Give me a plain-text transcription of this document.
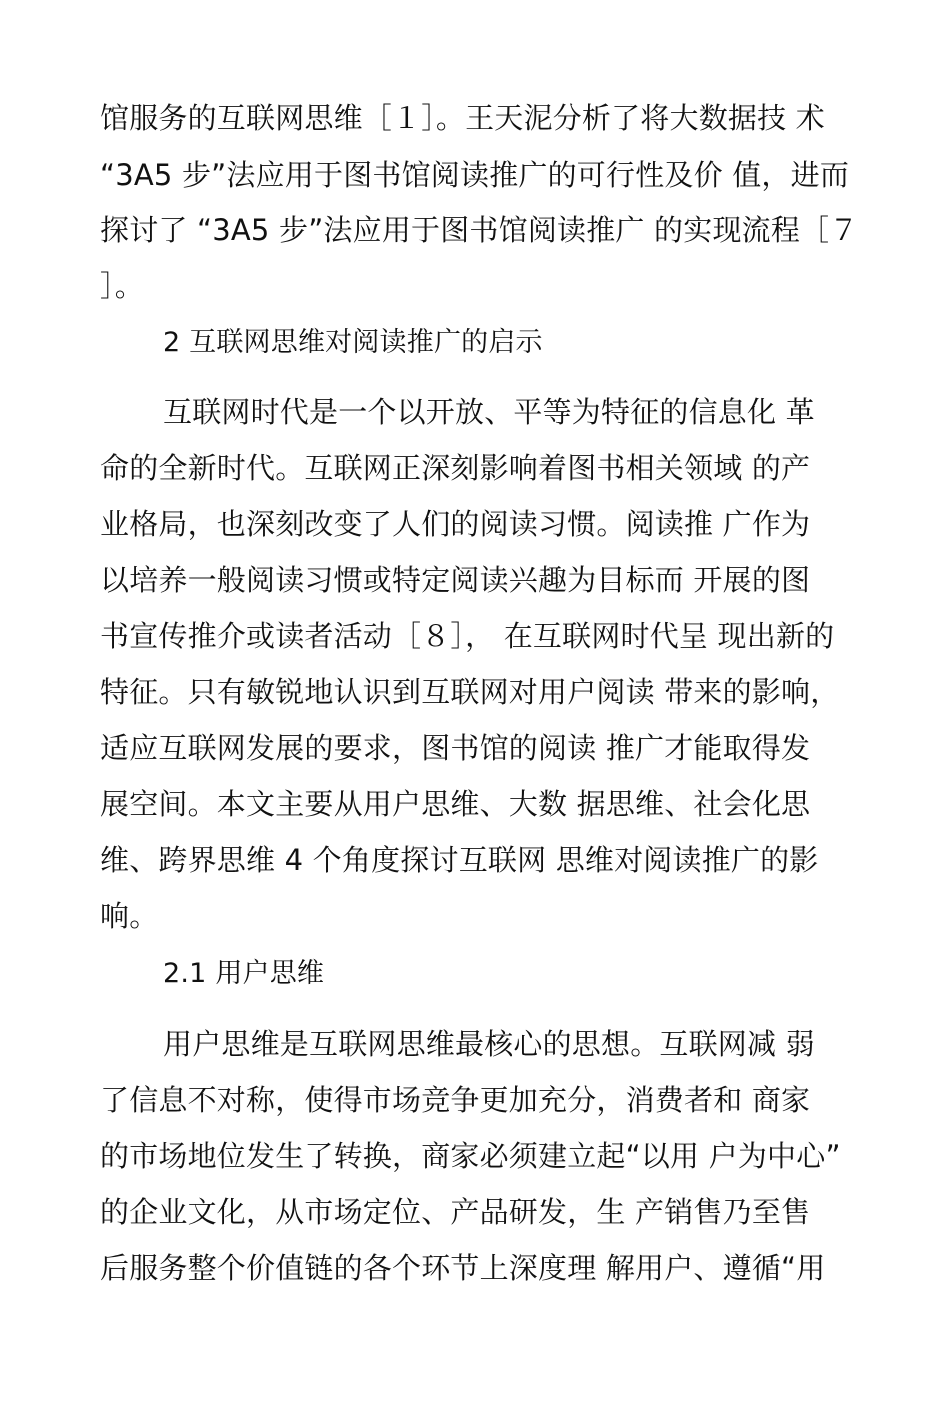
馆服务的互联网思维［１］。王天泥分析了将大数据技 术
“3A5 步”法应用于图书馆阅读推广的可行性及价 值，进而
探讨了 “3A5 步”法应用于图书馆阅读推广 的实现流程［７
］。
2 互联网思维对阅读推广的启示
互联网时代是一个以开放、平等为特征的信息化 革
命的全新时代。互联网正深刻影响着图书相关领域 的产
业格局，也深刻改变了人们的阅读习惯。阅读推 广作为
以培养一般阅读习惯或特定阅读兴趣为目标而 开展的图
书宣传推介或读者活动［８］， 在互联网时代呈 现出新的
特征。只有敏锐地认识到互联网对用户阅读 带来的影响，
适应互联网发展的要求，图书馆的阅读 推广才能取得发
展空间。本文主要从用户思维、大数 据思维、社会化思
维、跨界思维 4 个角度探讨互联网 思维对阅读推广的影
响。
2.1 用户思维
用户思维是互联网思维最核心的思想。互联网减 弱
了信息不对称，使得市场竞争更加充分，消费者和 商家
的市场地位发生了转换，商家必须建立起“以用 户为中心”
的企业文化，从市场定位、产品研发，生 产销售乃至售
后服务整个价值链的各个环节上深度理 解用户、遵循“用
